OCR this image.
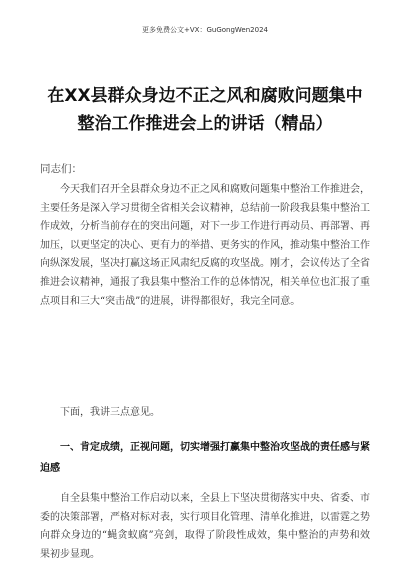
更多免费公文+VX：GuGongWen2024
在XX县群众身边不正之风和腐败问题集中整治工作推进会上的讲话（精品）
同志们：

今天我们召开全县群众身边不正之风和腐败问题集中整治工作推进会，主要任务是深入学习贯彻全省相关会议精神，总结前一阶段我县集中整治工作成效，分析当前存在的突出问题，对下一步工作进行再动员、再部署、再加压，以更坚定的决心、更有力的举措、更务实的作风，推动集中整治工作向纵深发展，坚决打赢这场正风肃纪反腐的攻坚战。刚才，会议传达了全省推进会议精神，通报了我县集中整治工作的总体情况，相关单位也汇报了重点项目和三大“突击战”的进展，讲得都很好，我完全同意。

下面，我讲三点意见。

一、肯定成绩，正视问题，切实增强打赢集中整治攻坚战的责任感与紧迫感

自全县集中整治工作启动以来，全县上下坚决贯彻落实中央、省委、市委的决策部署，严格对标对表，实行项目化管理、清单化推进，以雷霆之势向群众身边的“蝇贪蚁腐”亮剑，取得了阶段性成效，集中整治的声势和效果初步显现。
